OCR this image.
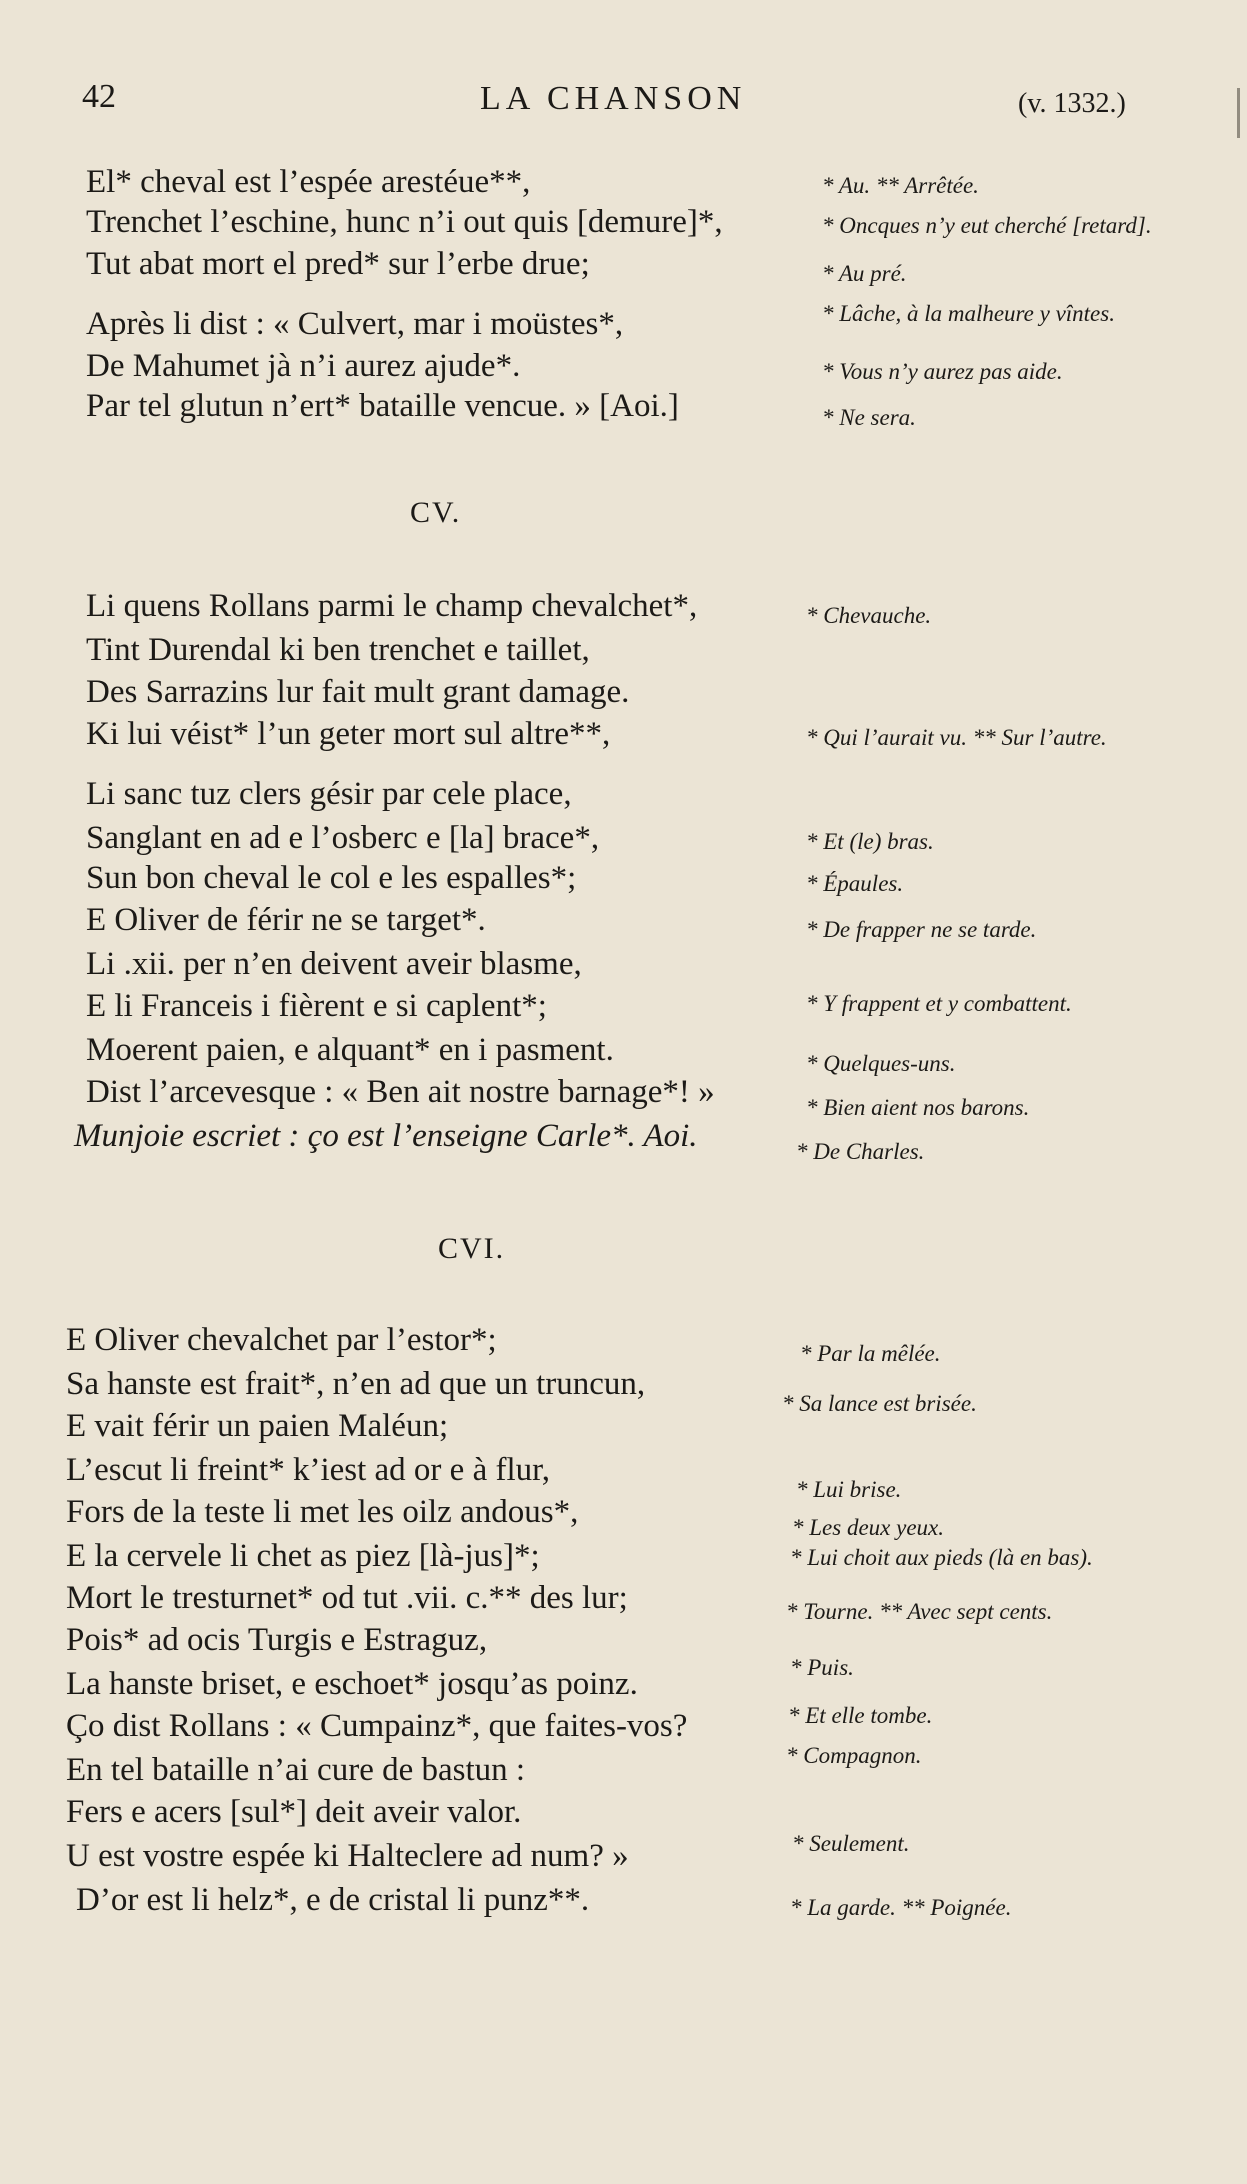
42	LA CHANSON	(v. 1332.)
El* cheval est l’espée arestéue**,
Trenchet l’eschine, hunc n’i out quis [demure]*,
Tut abat mort el pred* sur l’erbe drue;
Après li dist : « Culvert, mar i moüstes*,
De Mahumet jà n’i aurez ajude*.
Par tel glutun n’ert* bataille vencue. » [Aoi.]
* Au. ** Arrêtée.
* Oncques n’y eut cherché [retard].
* Au pré.
* Lâche, à la malheure y vîntes.
* Vous n’y aurez pas aide.
* Ne sera.
CV.
Li quens Rollans parmi le champ chevalchet*,
Tint Durendal ki ben trenchet e taillet,
Des Sarrazins lur fait mult grant damage.
Ki lui véist* l’un geter mort sul altre**,
Li sanc tuz clers gésir par cele place,
Sanglant en ad e l’osberc e [la] brace*,
Sun bon cheval le col e les espalles*;
E Oliver de férir ne se target*.
Li .xii. per n’en deivent aveir blasme,
E li Franceis i fièrent e si caplent*;
Moerent paien, e alquant* en i pasment.
Dist l’arcevesque : « Ben ait nostre barnage*! »
Munjoie escriet : ço est l’enseigne Carle*. Aoi.
* Chevauche.
* Qui l’aurait vu. ** Sur l’autre.
* Et (le) bras.
* Épaules.
* De frapper ne se tarde.
* Y frappent et y combattent.
* Quelques-uns.
* Bien aient nos barons.
* De Charles.
CVI.
E Oliver chevalchet par l’estor*;
Sa hanste est frait*, n’en ad que un truncun,
E vait férir un paien Maléun;
L’escut li freint* k’iest ad or e à flur,
Fors de la teste li met les oilz andous*,
E la cervele li chet as piez [là-jus]*;
Mort le tresturnet* od tut .vii. c.** des lur;
Pois* ad ocis Turgis e Estraguz,
La hanste briset, e eschoet* josqu’as poinz.
Ço dist Rollans : « Cumpainz*, que faites-vos?
En tel bataille n’ai cure de bastun :
Fers e acers [sul*] deit aveir valor.
U est vostre espée ki Halteclere ad num? »
D’or est li helz*, e de cristal li punz**.
* Par la mêlée.
* Sa lance est brisée.
* Lui brise.
* Les deux yeux.
* Lui choit aux pieds (là en bas).
* Tourne. ** Avec sept cents.
* Puis.
* Et elle tombe.
* Compagnon.
* Seulement.
* La garde. ** Poignée.
